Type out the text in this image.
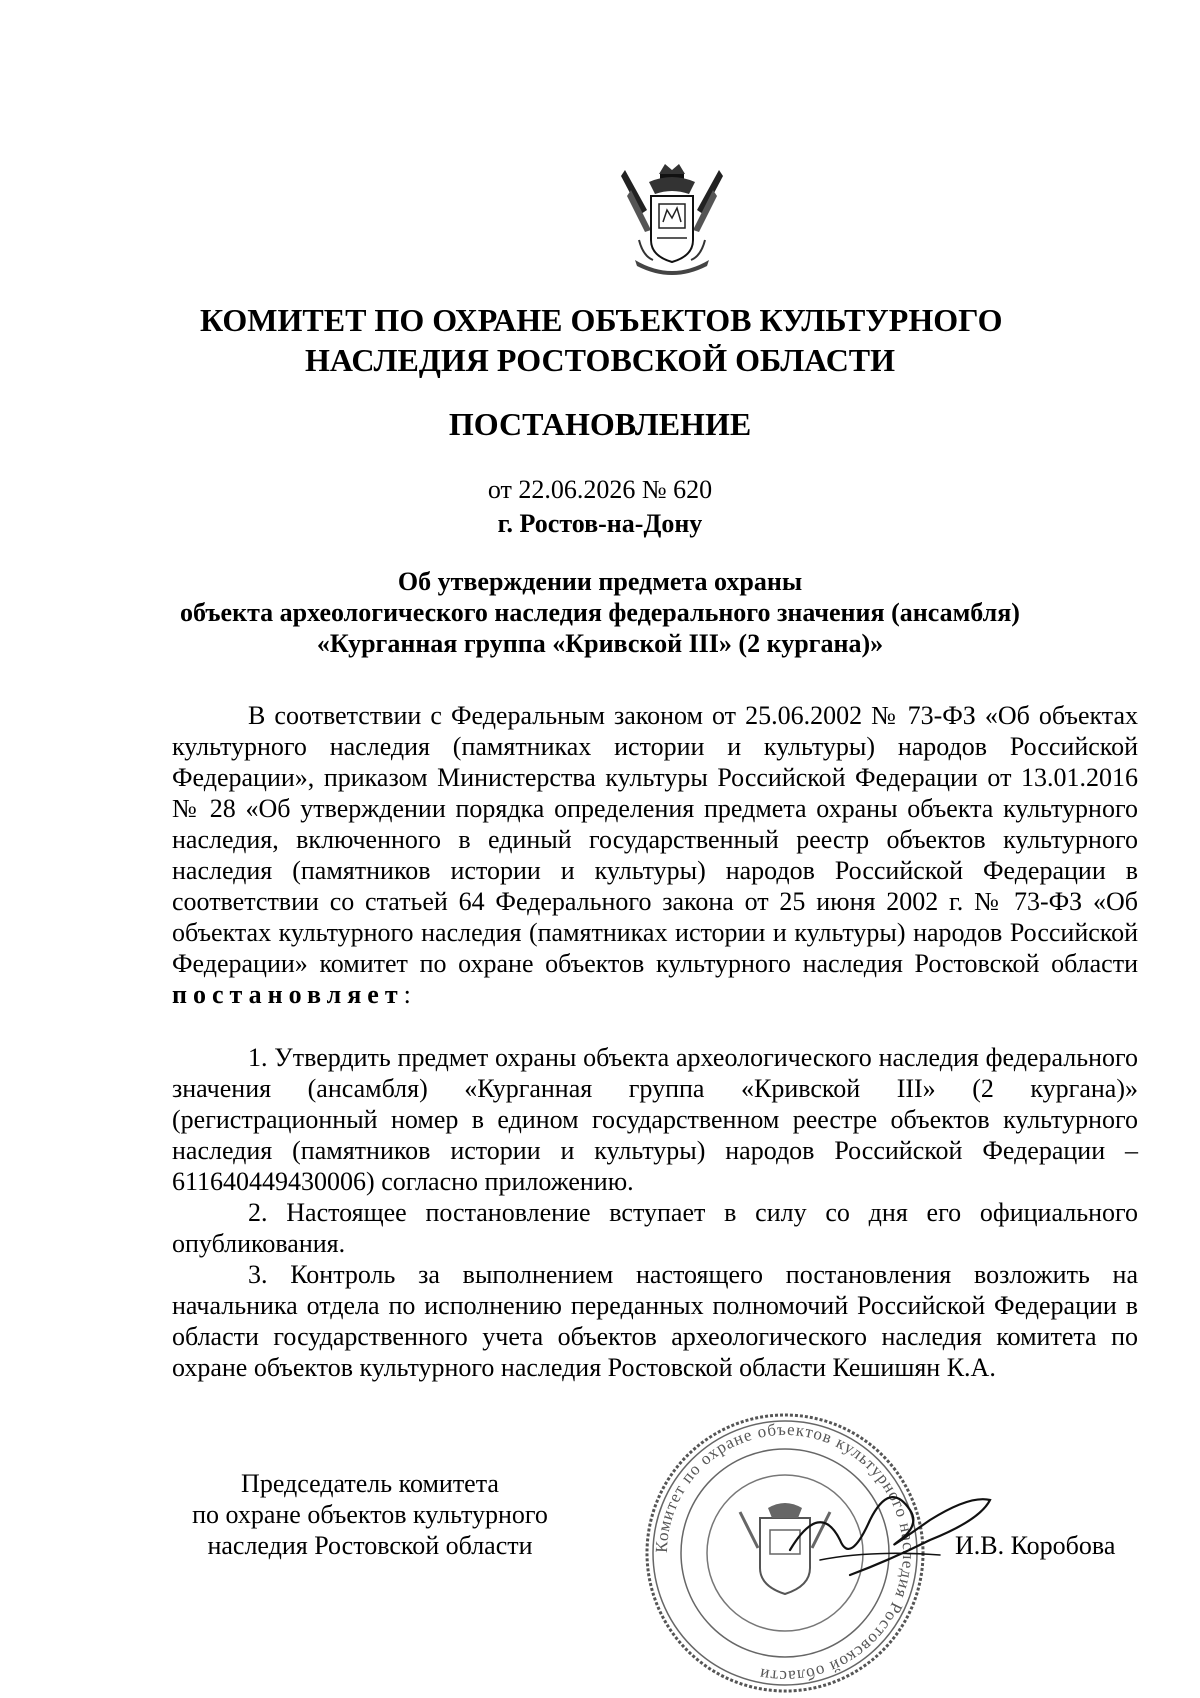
КОМИТЕТ ПО ОХРАНЕ ОБЪЕКТОВ КУЛЬТУРНОГО
НАСЛЕДИЯ РОСТОВСКОЙ ОБЛАСТИ
ПОСТАНОВЛЕНИЕ
от 22.06.2026 № 620
г. Ростов-на-Дону
Об утверждении предмета охраны
объекта археологического наследия федерального значения (ансамбля)
«Курганная группа «Кривской III» (2 кургана)»

В соответствии с Федеральным законом от 25.06.2002 № 73-ФЗ «Об объектах культурного наследия (памятниках истории и культуры) народов Российской Федерации», приказом Министерства культуры Российской Федерации от 13.01.2016 № 28 «Об утверждении порядка определения предмета охраны объекта культурного наследия, включенного в единый государственный реестр объектов культурного наследия (памятников истории и культуры) народов Российской Федерации в соответствии со статьей 64 Федерального закона от 25 июня 2002 г. № 73-ФЗ «Об объектах культурного наследия (памятниках истории и культуры) народов Российской Федерации» комитет по охране объектов культурного наследия Ростовской области постановляет:

1. Утвердить предмет охраны объекта археологического наследия федерального значения (ансамбля) «Курганная группа «Кривской III» (2 кургана)» (регистрационный номер в едином государственном реестре объектов культурного наследия (памятников истории и культуры) народов Российской Федерации – 611640449430006) согласно приложению.

2. Настоящее постановление вступает в силу со дня его официального опубликования.

3. Контроль за выполнением настоящего постановления возложить на начальника отдела по исполнению переданных полномочий Российской Федерации в области государственного учета объектов археологического наследия комитета по охране объектов культурного наследия Ростовской области Кешишян К.А.

Комитет по охране объектов культурного наследия Ростовской области
Председатель комитета
по охране объектов культурного
наследия Ростовской области	И.В. Коробова
